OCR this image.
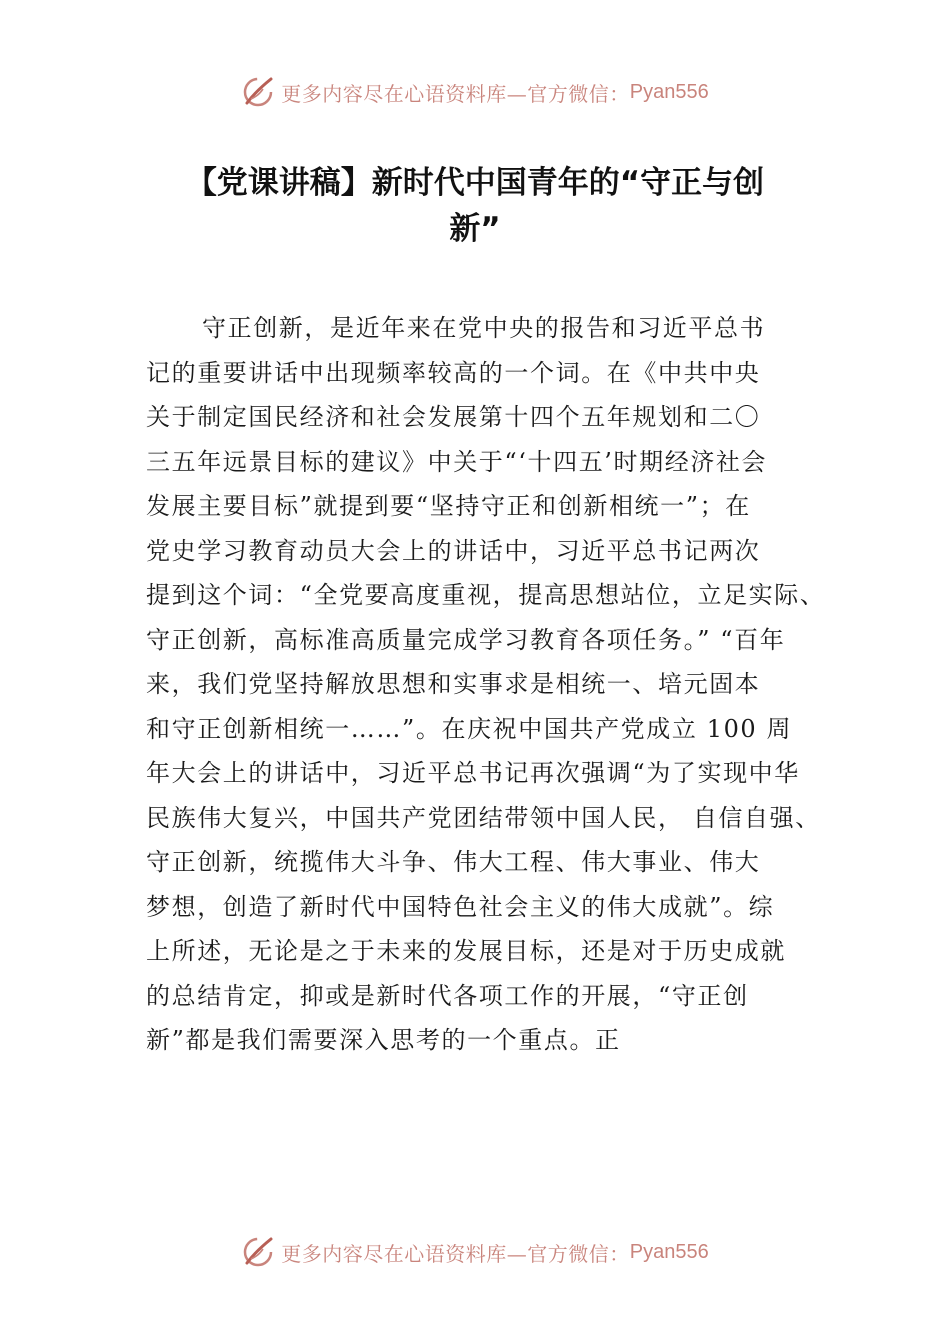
更多内容尽在心语资料库—官方微信： Pyan556
【党课讲稿】新时代中国青年的“守正与创
新”
守正创新，是近年来在党中央的报告和习近平总书
记的重要讲话中出现频率较高的一个词。在《中共中央
关于制定国民经济和社会发展第十四个五年规划和二〇
三五年远景目标的建议》中关于“‘十四五’时期经济社会
发展主要目标”就提到要“坚持守正和创新相统一”；在
党史学习教育动员大会上的讲话中，习近平总书记两次
提到这个词：“全党要高度重视，提高思想站位，立足实际、
守正创新，高标准高质量完成学习教育各项任务。” “百年
来，我们党坚持解放思想和实事求是相统一、培元固本
和守正创新相统一……”。在庆祝中国共产党成立 100 周
年大会上的讲话中，习近平总书记再次强调“为了实现中华
民族伟大复兴，中国共产党团结带领中国人民， 自信自强、
守正创新，统揽伟大斗争、伟大工程、伟大事业、伟大
梦想，创造了新时代中国特色社会主义的伟大成就”。综
上所述，无论是之于未来的发展目标，还是对于历史成就
的总结肯定，抑或是新时代各项工作的开展，“守正创
新”都是我们需要深入思考的一个重点。正
更多内容尽在心语资料库—官方微信： Pyan556
